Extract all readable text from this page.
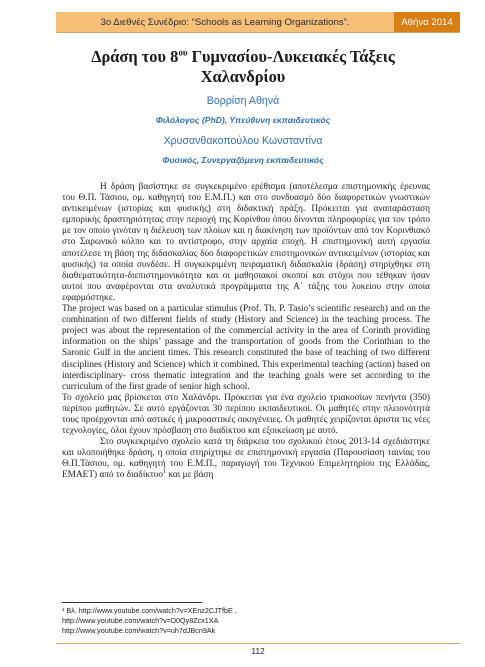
3ο Διεθνές Συνέδριο: “Schools as Learning Organizations”.	Αθήνα 2014
Δράση του $8^{o\upsilon}$ Γυμνασίου-Λυκειακές Τάξεις
Χαλανδρίου
Βορρίση Αθηνά
Φιλόλογος (PhD), Υπεύθυνη εκπαιδευτικός
Χρυσανθακοπούλου Κωνσταντίνα
Φυσικός, Συνεργαζόμενη εκπαιδευτικός

Η δράση βασίστηκε σε συγκεκριμένο ερέθισμα (αποτέλεσμα επιστημονικής έρευνας του Θ.Π. Τάσιου, ομ. καθηγητή του Ε.Μ.Π.) και στο συνδυασμό δύο διαφορετικών γνωστικών αντικειμένων (ιστορίας και φυσικής) στη διδακτική πράξη. Πρόκειται για αναπαράσταση εμπορικής δραστηριότητας στην περιοχή της Κορίνθου όπου δίνονται πληροφορίες για τον τρόπο με τον οποίο γινόταν η διέλευση των πλοίων και η διακίνηση των προϊόντων από τον Κορινθιακό στο Σαρωνικό κόλπο και το αντίστροφο, στην αρχαία εποχή. Η επιστημονική αυτή εργασία αποτέλεσε τη βάση της διδασκαλίας δύο διαφορετικών επιστημονικών αντικειμένων (ιστορίας και φυσικής) τα οποία συνδέσε. Η συγκεκριμένη πειραματική διδασκαλία (δράση) στηρίχθηκε στη διαθεματικότητα-διεπιστημονικότητα και οι μαθησιακοί σκοποί και στόχοι που τέθηκαν ήσαν αυτοί που αναφέρονται στα αναλυτικά προγράμματα της Α΄ τάξης του λυκείου στην οποία εφαρμόστηκε.

The project was based on a particular stimulus (Prof. Th. P. Tasio’s scientific research) and on the combination of two different fields of study (History and Science) in the teaching process. The project was about the representation of the commercial activity in the area of Corinth providing information on the ships’ passage and the transportation of goods from the Corinthian to the Saronic Gulf in the ancient times. This research constituted the base of teaching of two different disciplines (History and Science) which it combined. This experimental teaching (action) based on interdisciplinary- cross thematic integration and the teaching goals were set according to the curriculum of the first grade of senior high school.

Το σχολείο μας βρίσκεται στο Χαλάνδρι. Πρόκειται για ένα σχολείο τριακοσίων πενήντα (350) περίπου μαθητών. Σε αυτό εργάζονται 30 περίπου εκπαιδευτικοί. Οι μαθητές στην πλειονότητά τους προέρχονται από αστικές ή μικροαστικές οικογένειες. Οι μαθητές χειρίζονται άριστα τις νέες τεχνολογίες, όλοι έχουν πρόσβαση στο διαδίκτυο και εξοικείωση με αυτό.

Στο συγκεκριμένο σχολείο κατά τη διάρκεια του σχολικού έτους 2013-14 σχεδιάστηκε και υλοποιήθηκε δράση, η οποία στηρίχτηκε σε επιστημονική εργασία (Παρουσίαση ταινίας του Θ.Π.Τάσιου, ομ. καθηγητή του Ε.Μ.Π., παραγωγή του Τεχνικού Επιμελητηρίου της Ελλάδας, ΕΜΑΕΤ) από το διαδίκτυο$^1$ και με βάση

¹ Βλ. http://www.youtube.com/watch?v=XEnz2CJTfbE ,
http://www.youtube.com/watch?v=D0Qy8Zcx1XA
http://www.youtube.com/watch?v=uh7dJBcn9Ak
112
